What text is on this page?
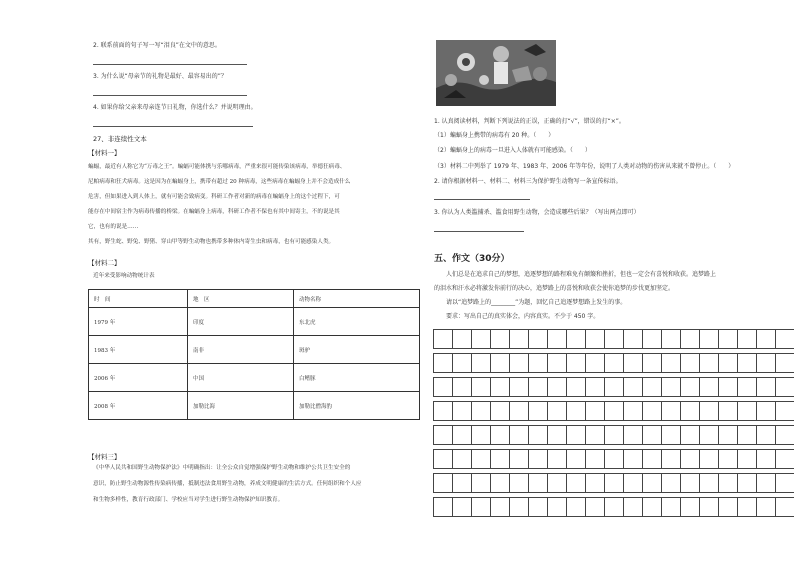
2. 联系前面的句子写一写“泪良”在文中的意思。
3. 为什么说“母亲节的礼物是最好、最容易出的”？
4. 如果你给父亲来母亲连节日礼物，你选什么？并说明理由。
27、非连续性文本
【材料一】
蝙蝠，最近有人称它为“万毒之王”。蝙蝠可能体携与乐哪病毒，严重来很可能传染该病毒，举德狂病毒、
尼帕病毒和狂犬病毒。这是因为在蝙蝠身上，携带有超过 20 种病毒，这些病毒在蝙蝠身上并不会造成什么
危害，但如果进入到人体上，就有可能会致病变。科研工作者对新的病毒在蝙蝠身上的这个过程下，可
能存在中间宿主作为病毒传播的桥梁。在蝙蝠身上病毒，科研工作者不保也有其中间寄主，不的说是其
它，也有的说是……
其有，野生蛇、野兔、野猪、穿山甲等野生动物也携带多种体内寄生虫和病毒，也有可能感染人类。
【材料二】
近年来受影响动物统计表
时　间	地　区	动物名称
1979 年	印度	东北虎
1983 年	南非	斑驴
2006 年	中国	白鳍豚
2008 年	加勒比海	加勒比僧海豹
【材料三】
《中华人民共和国野生动物保护法》中明确指出：让全公众自觉增强保护野生动物和维护公共卫生安全的
意识，防止野生动物源性传染病传播，抵制违法食用野生动物，养成文明健康的生活方式。任何组织和个人应
和生物多样性，教育行政部门、学校应当对学生进行野生动物保护知识教育。
1. 认真阅读材料，判断下列说法的正误，正确的打“√”，错误的打“×”。
（1）蝙蝠身上携带的病毒有 20 种。（　　）
（2）蝙蝠身上的病毒一旦进入人体就有可能感染。（　　）
（3）材料二中列举了 1979 年、1983 年、2006 年等年份，说明了人类对动物的伤害从来就不曾停止。（　　）
2. 请你根据材料一、材料二、材料三为保护野生动物写一条宣传标语。
3. 你认为人类滥捕杀、滥食用野生动物，会造成哪些后果？（写出两点即可）
五、作文（30分）
　　人们总是在追求自己的梦想，追逐梦想的路程难免有颠簸和挫折，但也一定会有喜悦和收获。追梦路上
的泪水和汗水必将激发你前行的决心，追梦路上的喜悦和收获会使你追梦的步伐更加坚定。
　　请以“追梦路上的________”为题，回忆自己追逐梦想路上发生的事。
　　要求：写出自己的真实体会，内容真实。不少于 450 字。
